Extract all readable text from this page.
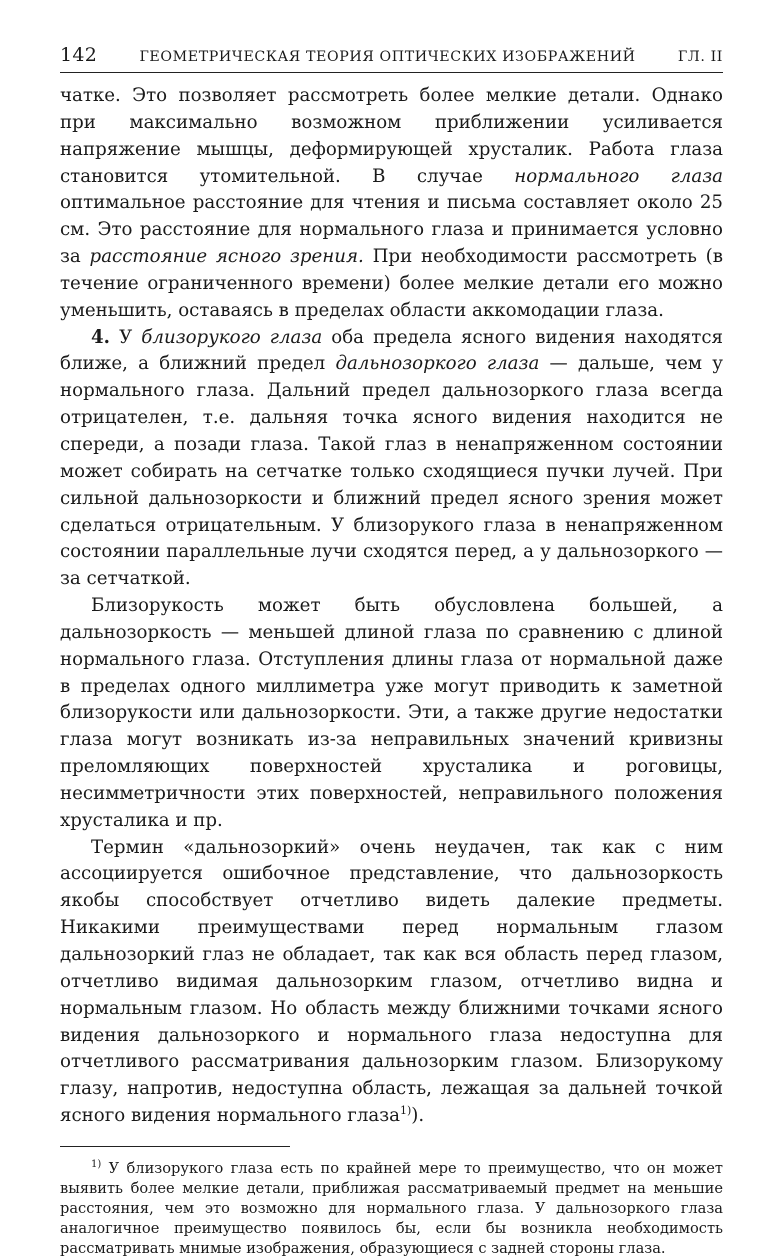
142	ГЕОМЕТРИЧЕСКАЯ ТЕОРИЯ ОПТИЧЕСКИХ ИЗОБРАЖЕНИЙ	ГЛ. II

чатке. Это позволяет рассмотреть более мелкие детали. Однако при максимально возможном приближении усиливается напряжение мышцы, деформирующей хрусталик. Работа глаза становится утомительной. В случае нормального глаза оптимальное расстояние для чтения и письма составляет около 25 см. Это расстояние для нормального глаза и принимается условно за расстояние ясного зрения. При необходимости рассмотреть (в течение ограниченного времени) более мелкие детали его можно уменьшить, оставаясь в пределах области аккомодации глаза.

4. У близорукого глаза оба предела ясного видения находятся ближе, а ближний предел дальнозоркого глаза — дальше, чем у нормального глаза. Дальний предел дальнозоркого глаза всегда отрицателен, т.е. дальняя точка ясного видения находится не спереди, а позади глаза. Такой глаз в ненапряженном состоянии может собирать на сетчатке только сходящиеся пучки лучей. При сильной дальнозоркости и ближний предел ясного зрения может сделаться отрицательным. У близорукого глаза в ненапряженном состоянии параллельные лучи сходятся перед, а у дальнозоркого — за сетчаткой.

Близорукость может быть обусловлена большей, а дальнозоркость — меньшей длиной глаза по сравнению с длиной нормального глаза. Отступления длины глаза от нормальной даже в пределах одного миллиметра уже могут приводить к заметной близорукости или дальнозоркости. Эти, а также другие недостатки глаза могут возникать из-за неправильных значений кривизны преломляющих поверхностей хрусталика и роговицы, несимметричности этих поверхностей, неправильного положения хрусталика и пр.

Термин «дальнозоркий» очень неудачен, так как с ним ассоциируется ошибочное представление, что дальнозоркость якобы способствует отчетливо видеть далекие предметы. Никакими преимуществами перед нормальным глазом дальнозоркий глаз не обладает, так как вся область перед глазом, отчетливо видимая дальнозорким глазом, отчетливо видна и нормальным глазом. Но область между ближними точками ясного видения дальнозоркого и нормального глаза недоступна для отчетливого рассматривания дальнозорким глазом. Близорукому глазу, напротив, недоступна область, лежащая за дальней точкой ясного видения нормального глаза$^{1)}$).

$^{1)}$ У близорукого глаза есть по крайней мере то преимущество, что он может выявить более мелкие детали, приближая рассматриваемый предмет на меньшие расстояния, чем это возможно для нормального глаза. У дальнозоркого глаза аналогичное преимущество появилось бы, если бы возникла необходимость рассматривать мнимые изображения, образующиеся с задней стороны глаза.
